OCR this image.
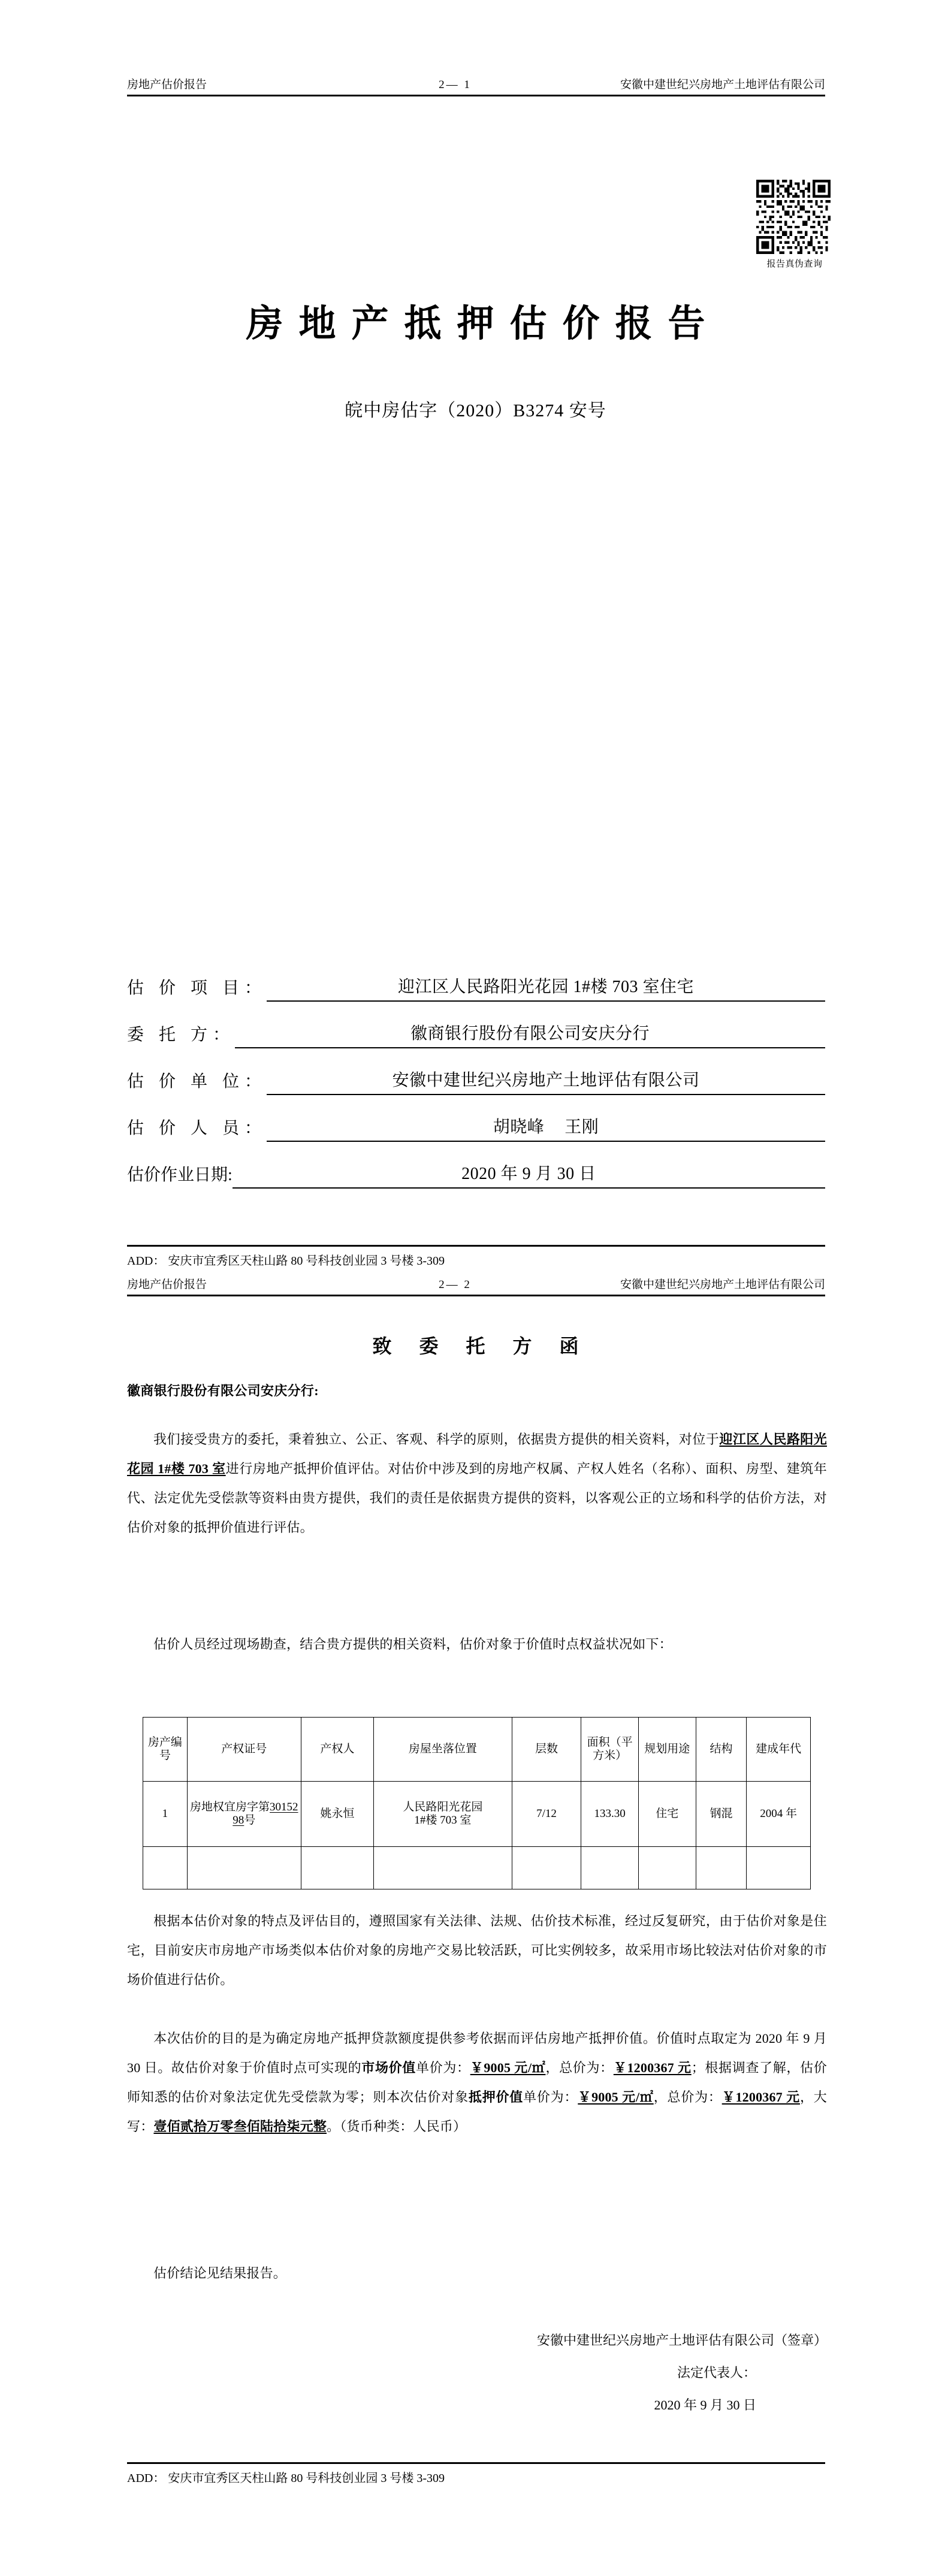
房地产估价报告	2— 1	安徽中建世纪兴房地产土地评估有限公司
报告真伪查询
房地产抵押估价报告
皖中房估字（2020）B3274 安号
估 价 项 目：	迎江区人民路阳光花园 1#楼 703 室住宅
委 托 方：	徽商银行股份有限公司安庆分行
估 价 单 位：	安徽中建世纪兴房地产土地评估有限公司
估 价 人 员：	胡晓峰 王刚
估价作业日期:	2020 年 9 月 30 日
ADD： 安庆市宜秀区天柱山路 80 号科技创业园 3 号楼 3-309
房地产估价报告	2— 2	安徽中建世纪兴房地产土地评估有限公司
致 委 托 方 函
徽商银行股份有限公司安庆分行:

我们接受贵方的委托，秉着独立、公正、客观、科学的原则，依据贵方提供的相关资料，对位于迎江区人民路阳光花园 1#楼 703 室进行房地产抵押价值评估。对估价中涉及到的房地产权属、产权人姓名（名称）、面积、房型、建筑年代、法定优先受偿款等资料由贵方提供，我们的责任是依据贵方提供的资料，以客观公正的立场和科学的估价方法，对估价对象的抵押价值进行评估。

估价人员经过现场勘查，结合贵方提供的相关资料，估价对象于价值时点权益状况如下：

房产编号	产权证号	产权人	房屋坐落位置	层数	面积（平方米）	规划用途	结构	建成年代
1	房地权宜房字第3015298号	姚永恒	人民路阳光花园
1#楼 703 室	7/12	133.30	住宅	钢混	2004 年

根据本估价对象的特点及评估目的，遵照国家有关法律、法规、估价技术标准，经过反复研究，由于估价对象是住宅，目前安庆市房地产市场类似本估价对象的房地产交易比较活跃，可比实例较多，故采用市场比较法对估价对象的市场价值进行估价。

本次估价的目的是为确定房地产抵押贷款额度提供参考依据而评估房地产抵押价值。价值时点取定为 2020 年 9 月 30 日。故估价对象于价值时点可实现的市场价值单价为：￥9005 元/㎡，总价为：￥1200367 元；根据调查了解，估价师知悉的估价对象法定优先受偿款为零；则本次估价对象抵押价值单价为：￥9005 元/㎡，总价为：￥1200367 元，大写：壹佰贰拾万零叁佰陆拾柒元整。（货币种类：人民币）

估价结论见结果报告。

安徽中建世纪兴房地产土地评估有限公司（签章）
法定代表人：
2020 年 9 月 30 日
ADD： 安庆市宜秀区天柱山路 80 号科技创业园 3 号楼 3-309
